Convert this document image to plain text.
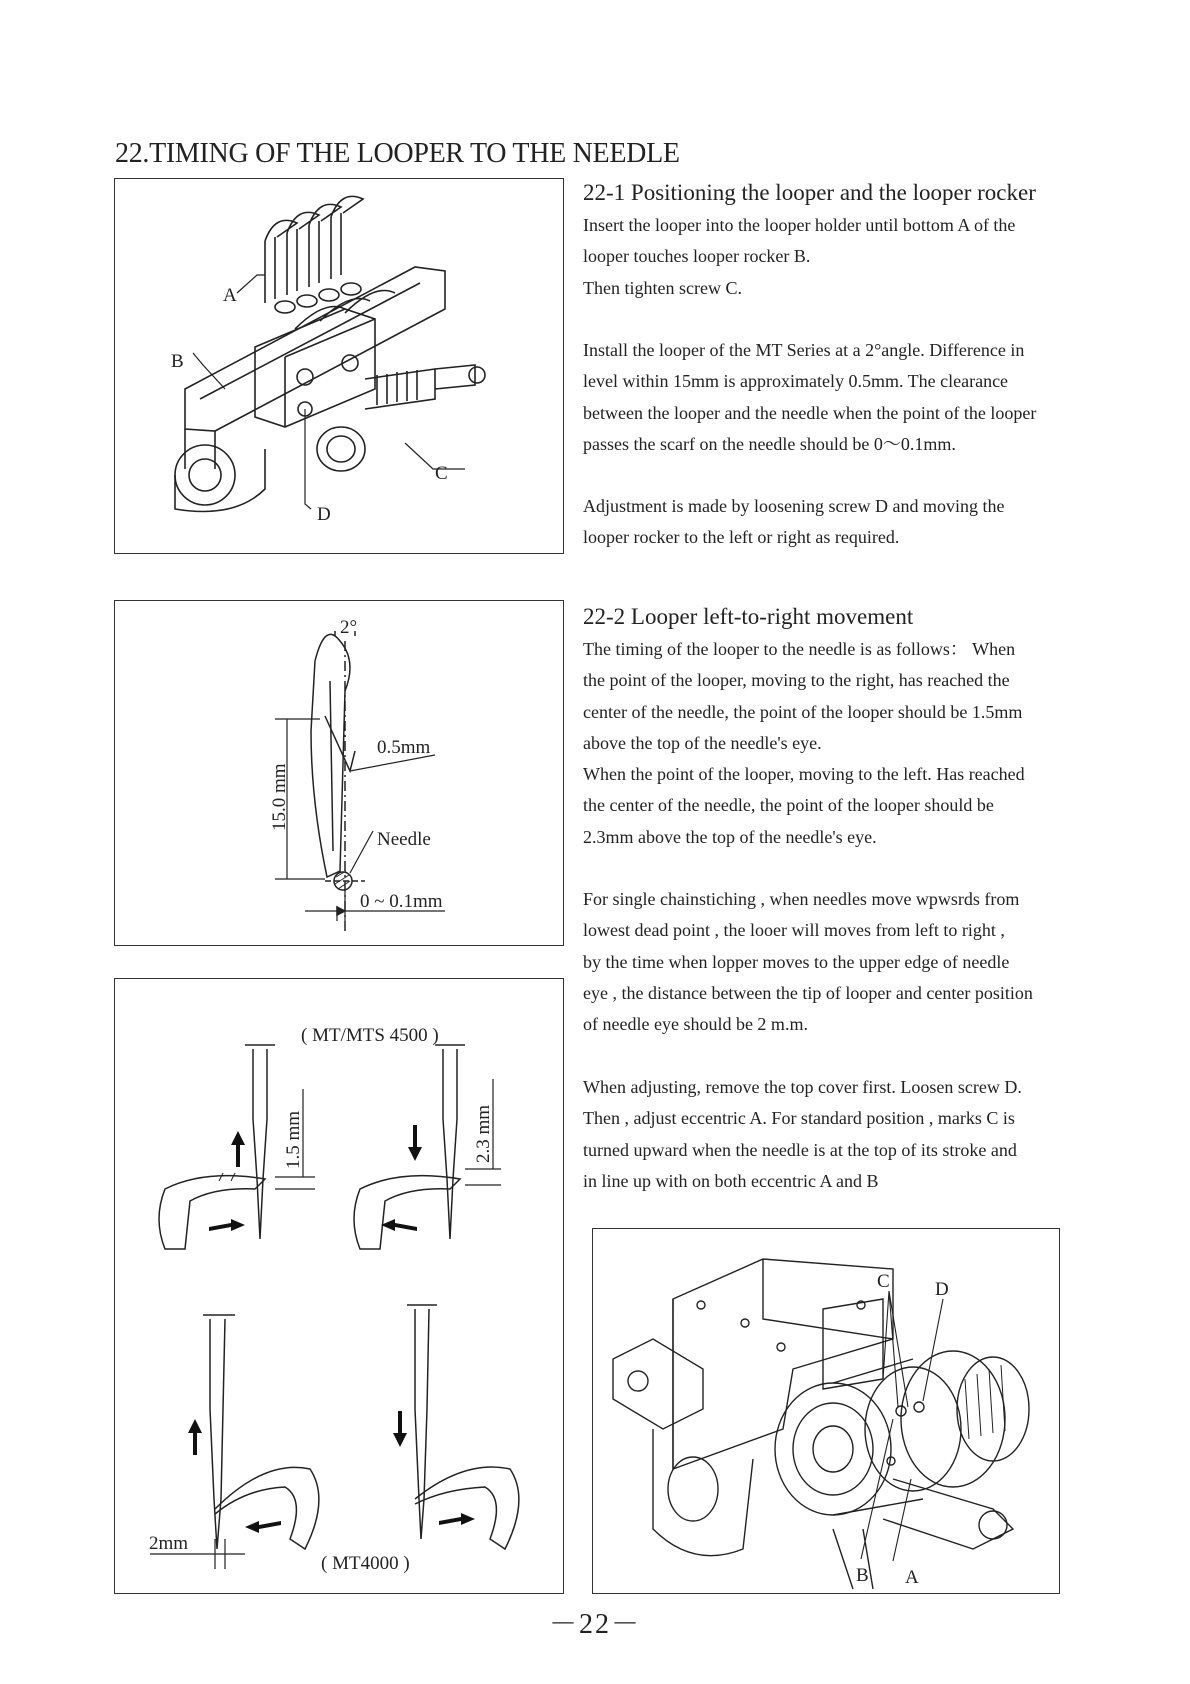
22.TIMING OF THE LOOPER TO THE NEEDLE
A
B
C
D
22-1 Positioning the looper and the looper rocker
Insert the looper into the looper holder until bottom A of the
looper touches looper rocker B.
Then tighten screw C.
Install the looper of the MT Series at a 2°angle. Difference in
level within 15mm is approximately 0.5mm. The clearance
between the looper and the needle when the point of the looper
passes the scarf on the needle should be 0～0.1mm.
Adjustment is made by loosening screw D and moving the
looper rocker to the left or right as required.
2°
0.5mm
15.0 mm
Needle
0 ~ 0.1mm
22-2 Looper left-to-right movement
The timing of the looper to the needle is as follows： When
the point of the looper, moving to the right, has reached the
center of the needle, the point of the looper should be 1.5mm
above the top of the needle's eye.
When the point of the looper, moving to the left. Has reached
the center of the needle, the point of the looper should be
2.3mm above the top of the needle's eye.
For single chainstiching , when needles move wpwsrds from
lowest dead point , the looer will moves from left to right ,
by the time when lopper moves to the upper edge of needle
eye , the distance between the tip of looper and center position
of needle eye should be 2 m.m.
When adjusting, remove the top cover first. Loosen screw D.
Then , adjust eccentric A. For standard position , marks C is
turned upward when the needle is at the top of its stroke and
in line up with on both eccentric A and B
( MT/MTS 4500 )
1.5 mm	2.3 mm
2mm
( MT4000 )
C D
B A
－22－
